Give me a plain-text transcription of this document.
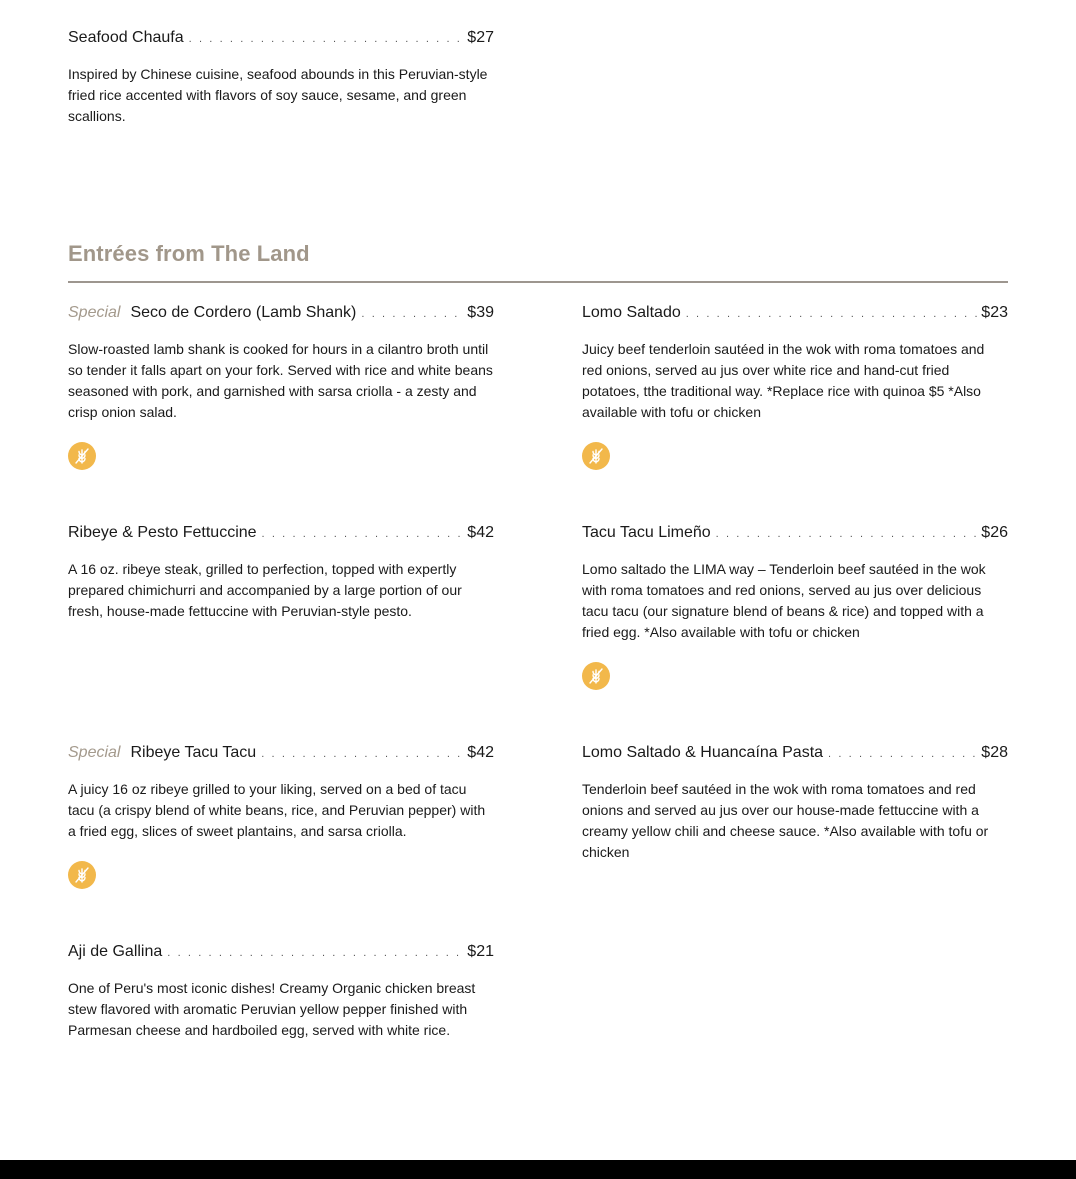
Seafood Chaufa . . .	$27
Inspired by Chinese cuisine, seafood abounds in this Peruvian-style fried rice accented with flavors of soy sauce, sesame, and green scallions.
Entrées from The Land
Special Seco de Cordero (Lamb Shank) . . .	$39
Slow-roasted lamb shank is cooked for hours in a cilantro broth until so tender it falls apart on your fork. Served with rice and white beans seasoned with pork, and garnished with sarsa criolla - a zesty and crisp onion salad.
Lomo Saltado . . .	$23
Juicy beef tenderloin sautéed in the wok with roma tomatoes and red onions, served au jus over white rice and hand-cut fried potatoes, tthe traditional way. *Replace rice with quinoa $5 *Also available with tofu or chicken
Ribeye & Pesto Fettuccine . . .	$42
A 16 oz. ribeye steak, grilled to perfection, topped with expertly prepared chimichurri and accompanied by a large portion of our fresh, house-made fettuccine with Peruvian-style pesto.
Tacu Tacu Limeño . . .	$26
Lomo saltado the LIMA way – Tenderloin beef sautéed in the wok with roma tomatoes and red onions, served au jus over delicious tacu tacu (our signature blend of beans & rice) and topped with a fried egg. *Also available with tofu or chicken
Special Ribeye Tacu Tacu . . .	$42
A juicy 16 oz ribeye grilled to your liking, served on a bed of tacu tacu (a crispy blend of white beans, rice, and Peruvian pepper) with a fried egg, slices of sweet plantains, and sarsa criolla.
Lomo Saltado & Huancaína Pasta . . .	$28
Tenderloin beef sautéed in the wok with roma tomatoes and red onions and served au jus over our house-made fettuccine with a creamy yellow chili and cheese sauce. *Also available with tofu or chicken
Aji de Gallina . . .	$21
One of Peru's most iconic dishes! Creamy Organic chicken breast stew flavored with aromatic Peruvian yellow pepper finished with Parmesan cheese and hardboiled egg, served with white rice.
